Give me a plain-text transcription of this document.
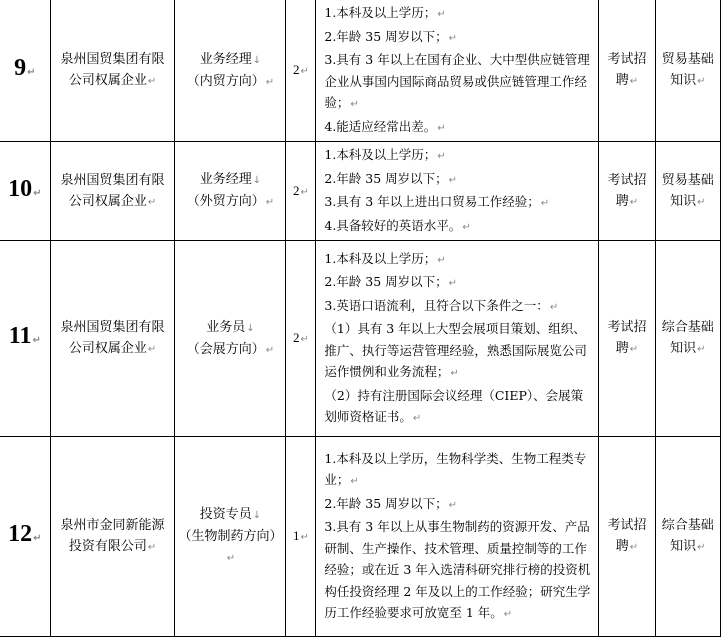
9↵	泉州国贸集团有限公司权属企业↵	业务经理↓
（内贸方向）↵	2↵	1.本科及以上学历；↵
2.年龄 35 周岁以下；↵
3.具有 3 年以上在国有企业、大中型供应链管理企业从事国内国际商品贸易或供应链管理工作经验；↵
4.能适应经常出差。↵	考试招聘↵	贸易基础知识↵
10↵	泉州国贸集团有限公司权属企业↵	业务经理↓
（外贸方向）↵	2↵	1.本科及以上学历；↵
2.年龄 35 周岁以下；↵
3.具有 3 年以上进出口贸易工作经验；↵
4.具备较好的英语水平。↵	考试招聘↵	贸易基础知识↵
11↵	泉州国贸集团有限公司权属企业↵	业务员↓
（会展方向）↵	2↵	1.本科及以上学历；↵
2.年龄 35 周岁以下；↵
3.英语口语流利，且符合以下条件之一：↵
（1）具有 3 年以上大型会展项目策划、组织、推广、执行等运营管理经验，熟悉国际展览公司运作惯例和业务流程；↵
（2）持有注册国际会议经理（CIEP）、会展策划师资格证书。↵	考试招聘↵	综合基础知识↵
12↵	泉州市金同新能源投资有限公司↵	投资专员↓
（生物制药方向）↵	1↵	1.本科及以上学历，生物科学类、生物工程类专业；↵
2.年龄 35 周岁以下；↵
3.具有 3 年以上从事生物制药的资源开发、产品研制、生产操作、技术管理、质量控制等的工作经验；或在近 3 年入选清科研究排行榜的投资机构任投资经理 2 年及以上的工作经验；研究生学历工作经验要求可放宽至 1 年。↵	考试招聘↵	综合基础知识↵
